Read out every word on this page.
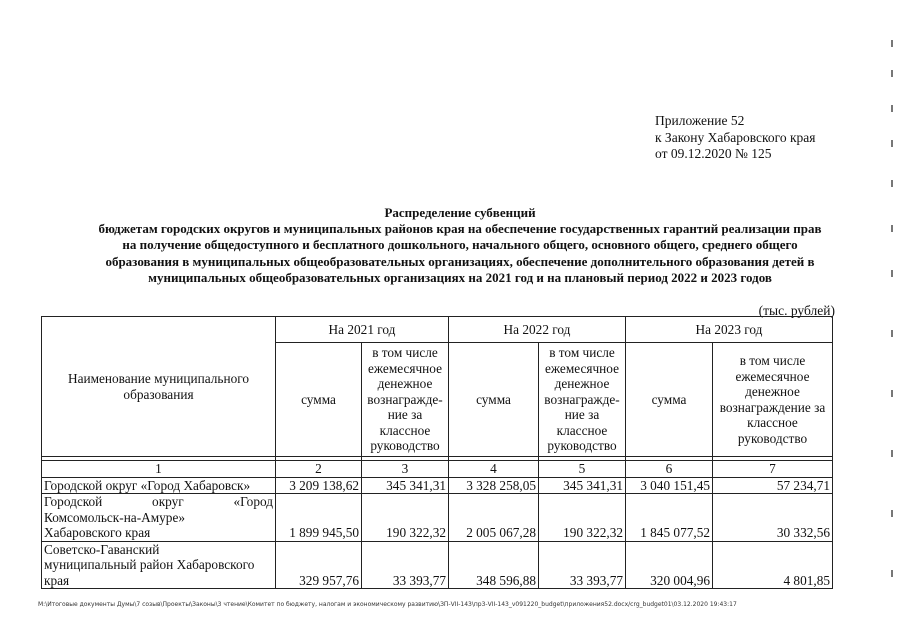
Приложение 52
к Закону Хабаровского края
от 09.12.2020 № 125
Распределение субвенций
бюджетам городских округов и муниципальных районов края на обеспечение государственных гарантий реализации прав
на получение общедоступного и бесплатного дошкольного, начального общего, основного общего, среднего общего
образования в муниципальных общеобразовательных организациях, обеспечение дополнительного образования детей в
муниципальных общеобразовательных организациях на 2021 год и на плановый период 2022 и 2023 годов
(тыс. рублей)
Наименование муниципального образования	На 2021 год		На 2022 год		На 2023 год	
	сумма	в том числе ежемесячное денежное вознагражде-ние за классное руководство	сумма	в том числе ежемесячное денежное вознагражде-ние за классное руководство	сумма	в том числе ежемесячное денежное вознаграждение за классное руководство

1	2	3	4	5	6	7

Городской округ «Город Хабаровск»	3 209 138,62	345 341,31	3 328 258,05	345 341,31	3 040 151,45	57 234,71

Городской округ «Город
Комсомольск-на-Амуре»
Хабаровского края	1 899 945,50	190 322,32	2 005 067,28	190 322,32	1 845 077,52	30 332,56

Советско-Гаванский
муниципальный район Хабаровского
края	329 957,76	33 393,77	348 596,88	33 393,77	320 004,96	4 801,85
M:\Итоговые документы Думы\7 созыв\Проекты\Законы\3 чтение\Комитет по бюджету, налогам и экономическому развитию\ЗП-VII-143\пр3-VII-143_v091220_budget\приложения52.docx/crg_budget01\03.12.2020 19:43:17
